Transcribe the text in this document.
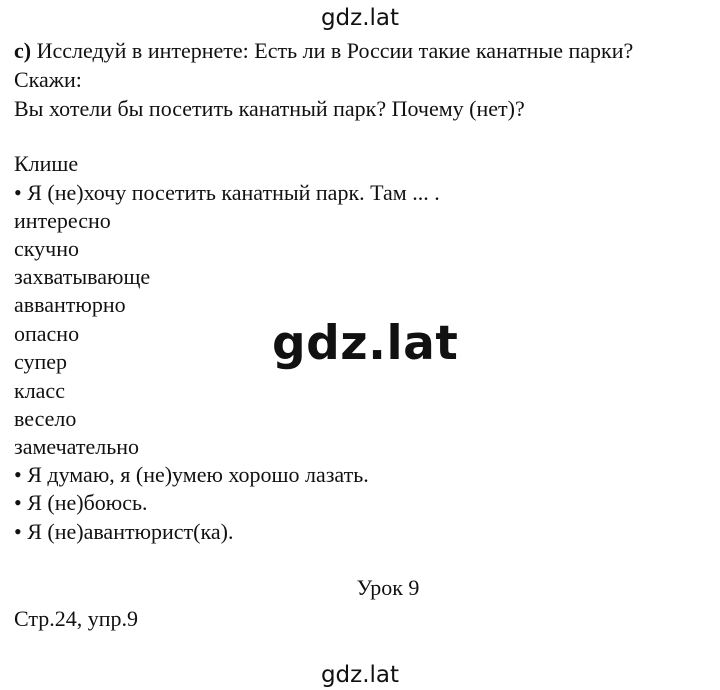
gdz.lat
c) Исследуй в интернете: Есть ли в России такие канатные парки?
Скажи:
Вы хотели бы посетить канатный парк? Почему (нет)?
Клише
• Я (не)хочу посетить канатный парк. Там ... .
интересно
скучно
захватывающе
аввантюрно
опасно
супер
класс
весело
замечательно
• Я думаю, я (не)умею хорошо лазать.
• Я (не)боюсь.
• Я (не)авантюрист(ка).
gdz.lat
Урок 9
Стр.24, упр.9
gdz.lat
